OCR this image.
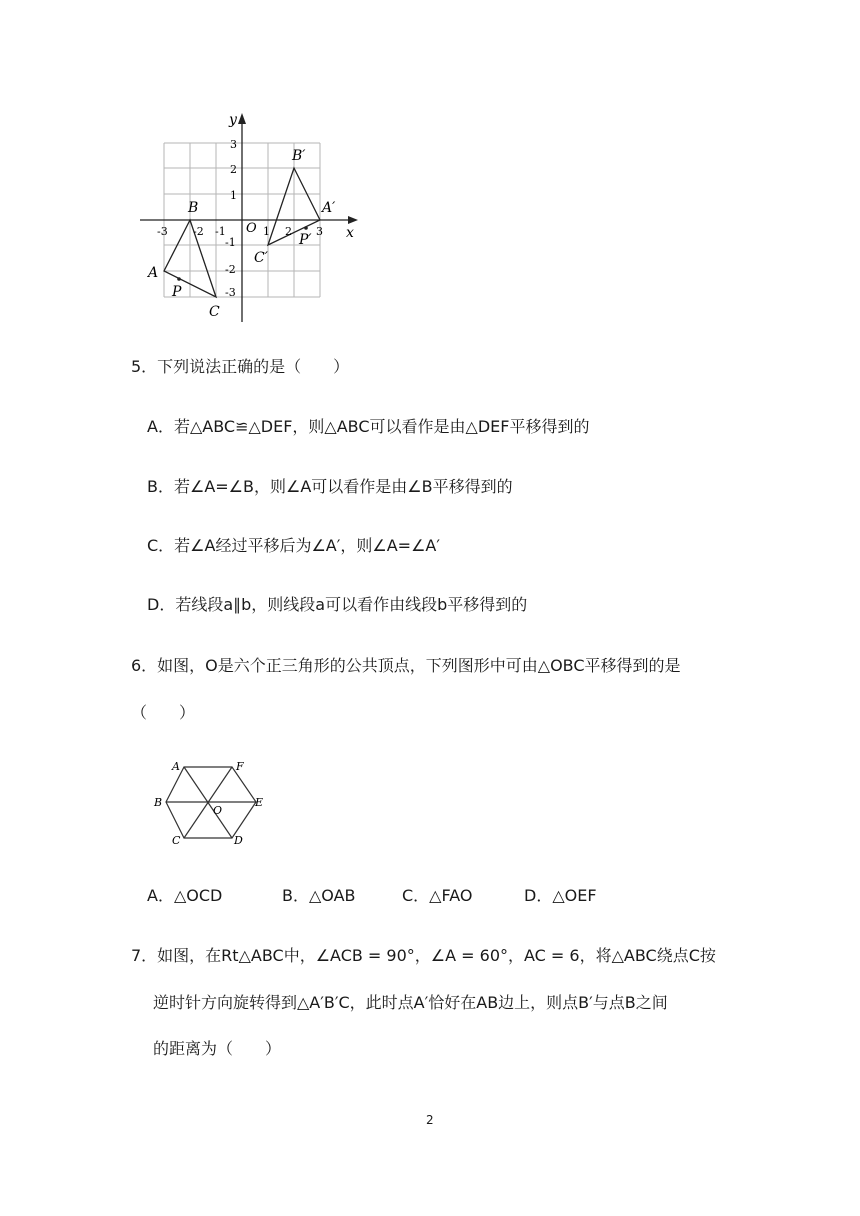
y
x
O
3
2
1
-1
-2
-3
-3 -2 -1	1 2 3
B
A
P
C
B′
A′
P′
C′
5．下列说法正确的是（　　）
A．若△ABC≌△DEF，则△ABC可以看作是由△DEF平移得到的
B．若∠A=∠B，则∠A可以看作是由∠B平移得到的
C．若∠A经过平移后为∠A′，则∠A=∠A′
D．若线段a∥b，则线段a可以看作由线段b平移得到的
6．如图，O是六个正三角形的公共顶点，下列图形中可由△OBC平移得到的是
（　　）
A	F
B	E
O
C	D
A．△OCD	B．△OAB	C．△FAO	D．△OEF
7．如图，在Rt△ABC中，∠ACB = 90°，∠A = 60°，AC = 6，将△ABC绕点C按
逆时针方向旋转得到△A′B′C，此时点A′恰好在AB边上，则点B′与点B之间
的距离为（　　）
2
